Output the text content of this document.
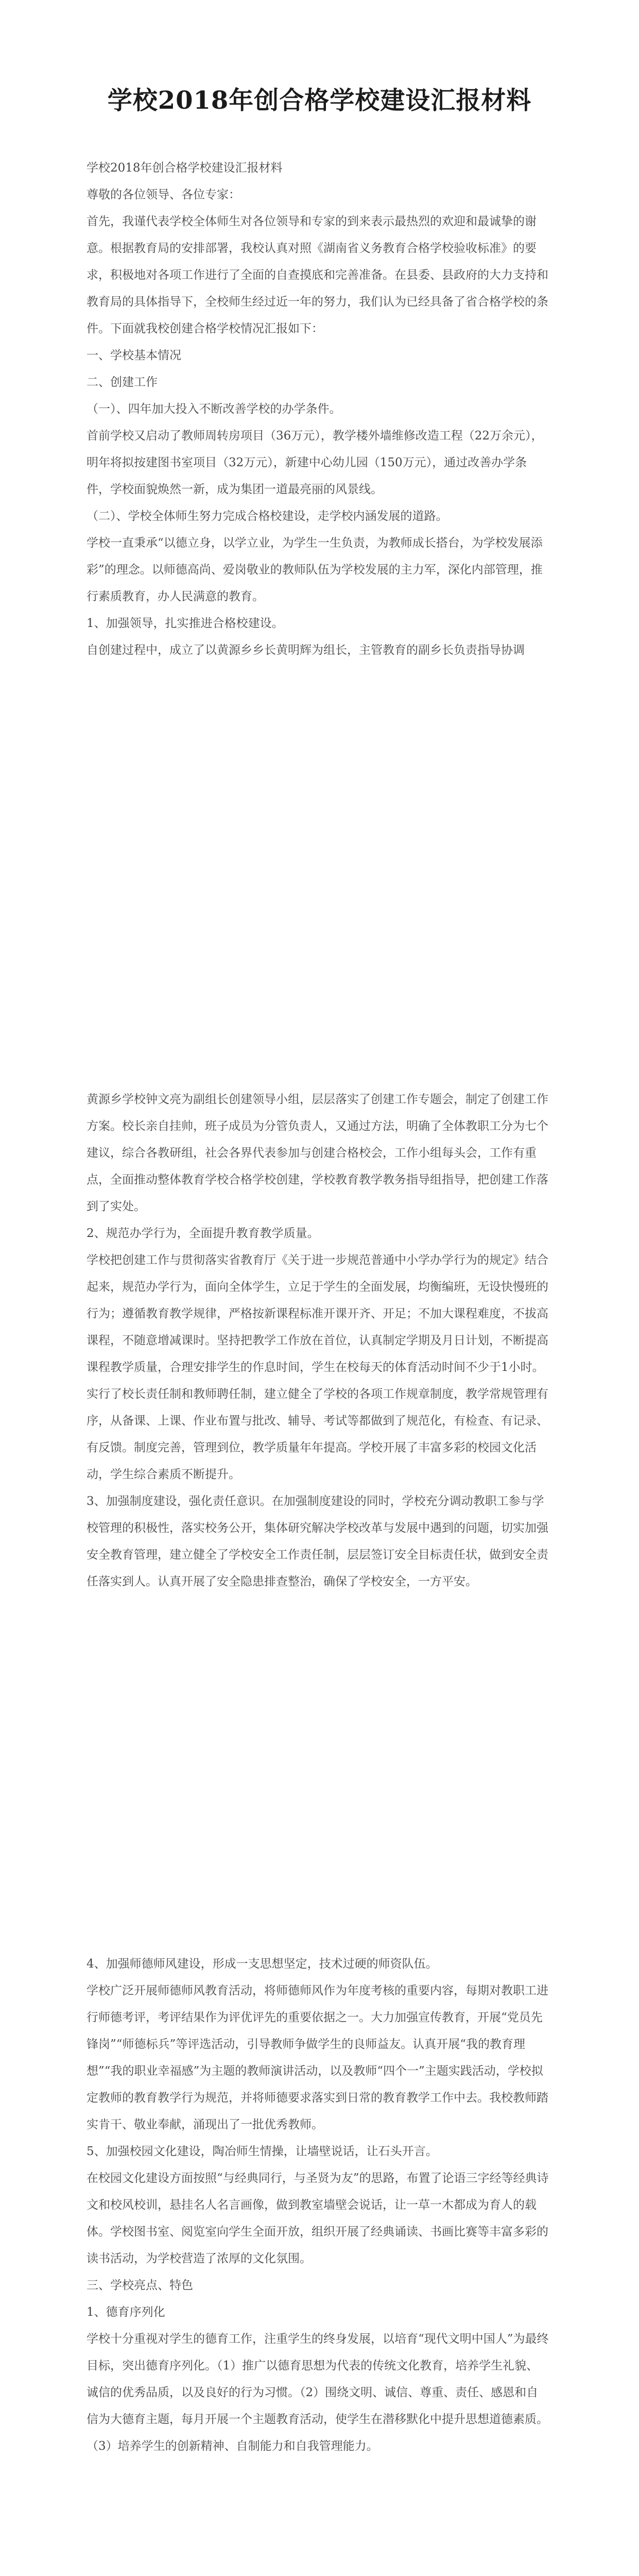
学校2018年创合格学校建设汇报材料

学校2018年创合格学校建设汇报材料

尊敬的各位领导、各位专家：

首先，我谨代表学校全体师生对各位领导和专家的到来表示最热烈的欢迎和最诚挚的谢意。根据教育局的安排部署，我校认真对照《湖南省义务教育合格学校验收标准》的要求，积极地对各项工作进行了全面的自查摸底和完善准备。在县委、县政府的大力支持和教育局的具体指导下，全校师生经过近一年的努力，我们认为已经具备了省合格学校的条件。下面就我校创建合格学校情况汇报如下：

一、学校基本情况

二、创建工作

（一）、四年加大投入不断改善学校的办学条件。

首前学校又启动了教师周转房项目（36万元），教学楼外墙维修改造工程（22万余元），

明年将拟按建图书室项目（32万元），新建中心幼儿园（150万元），通过改善办学条件，学校面貌焕然一新，成为集团一道最亮丽的风景线。

（二）、学校全体师生努力完成合格校建设，走学校内涵发展的道路。

学校一直秉承“以德立身，以学立业，为学生一生负责，为教师成长搭台，为学校发展添彩”的理念。以师德高尚、爱岗敬业的教师队伍为学校发展的主力军，深化内部管理，推行素质教育，办人民满意的教育。

1、加强领导，扎实推进合格校建设。

自创建过程中，成立了以黄源乡乡长黄明辉为组长，主管教育的副乡长负责指导协调

黄源乡学校钟文亮为副组长创建领导小组，层层落实了创建工作专题会，制定了创建工作方案。校长亲自挂帅，班子成员为分管负责人，又通过方法，明确了全体教职工分为七个建议，综合各教研组，社会各界代表参加与创建合格校会，工作小组每头会，工作有重点，全面推动整体教育学校合格学校创建，学校教育教学教务指导组指导，把创建工作落到了实处。

2、规范办学行为，全面提升教育教学质量。

学校把创建工作与贯彻落实省教育厅《关于进一步规范普通中小学办学行为的规定》结合起来，规范办学行为，面向全体学生，立足于学生的全面发展，均衡编班，无设快慢班的行为；遵循教育教学规律，严格按新课程标准开课开齐、开足；不加大课程难度，不拔高课程，不随意增减课时。坚持把教学工作放在首位，认真制定学期及月日计划，不断提高课程教学质量，合理安排学生的作息时间，学生在校每天的体育活动时间不少于1小时。实行了校长责任制和教师聘任制，建立健全了学校的各项工作规章制度，教学常规管理有序，从备课、上课、作业布置与批改、辅导、考试等都做到了规范化，有检查、有记录、有反馈。制度完善，管理到位，教学质量年年提高。学校开展了丰富多彩的校园文化活动，学生综合素质不断提升。

3、加强制度建设，强化责任意识。在加强制度建设的同时，学校充分调动教职工参与学校管理的积极性，落实校务公开，集体研究解决学校改革与发展中遇到的问题，切实加强安全教育管理，建立健全了学校安全工作责任制，层层签订安全目标责任状，做到安全责任落实到人。认真开展了安全隐患排查整治，确保了学校安全，一方平安。

4、加强师德师风建设，形成一支思想坚定，技术过硬的师资队伍。

学校广泛开展师德师风教育活动，将师德师风作为年度考核的重要内容，每期对教职工进行师德考评，考评结果作为评优评先的重要依据之一。大力加强宣传教育，开展“党员先锋岗”“师德标兵”等评选活动，引导教师争做学生的良师益友。认真开展“我的教育理想”“我的职业幸福感”为主题的教师演讲活动，以及教师“四个一”主题实践活动，学校拟定教师的教育教学行为规范，并将师德要求落实到日常的教育教学工作中去。我校教师踏实肯干、敬业奉献，涌现出了一批优秀教师。

5、加强校园文化建设，陶冶师生情操，让墙壁说话，让石头开言。

在校园文化建设方面按照“与经典同行，与圣贤为友”的思路，布置了论语三字经等经典诗文和校风校训，悬挂名人名言画像，做到教室墙壁会说话，让一草一木都成为育人的载体。学校图书室、阅览室向学生全面开放，组织开展了经典诵读、书画比赛等丰富多彩的读书活动，为学校营造了浓厚的文化氛围。

三、学校亮点、特色

1、德育序列化

学校十分重视对学生的德育工作，注重学生的终身发展，以培育“现代文明中国人”为最终目标，突出德育序列化。（1）推广以德育思想为代表的传统文化教育，培养学生礼貌、诚信的优秀品质，以及良好的行为习惯。（2）围绕文明、诚信、尊重、责任、感恩和自信为大德育主题，每月开展一个主题教育活动，使学生在潜移默化中提升思想道德素质。（3）培养学生的创新精神、自制能力和自我管理能力。
